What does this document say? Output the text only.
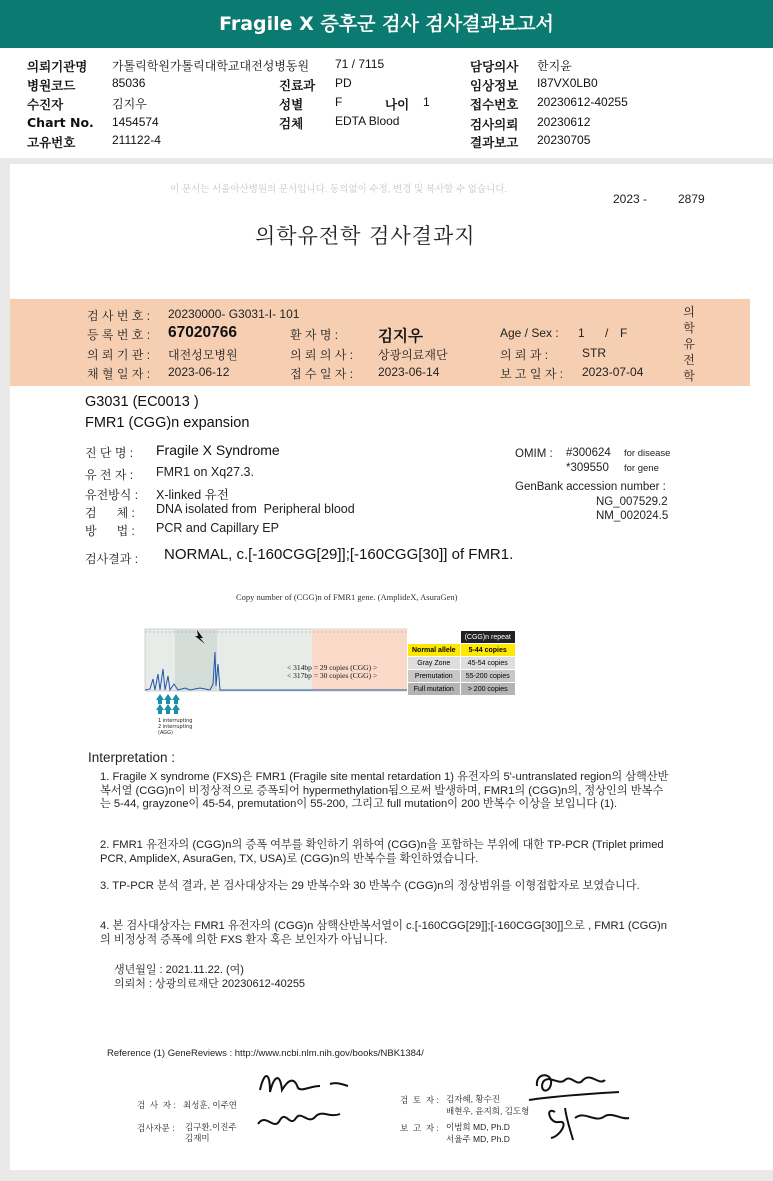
Fragile X 증후군 검사 검사결과보고서
의뢰기관명 가톨릭학원가톨릭대학교대전성병동원 71 / 7115	담당의사 한지윤
병원코드	85036	진료과 PD	임상정보 I87VX0LB0
수진자	김지우	성별	F	나이 1	접수번호 20230612-40255
Chart No. 1454574	검체	EDTA Blood	검사의뢰 20230612
고유번호	211122-4	결과보고 20230705
이 문서는 서울아산병원의 문서입니다. 동의없이 수정, 변경 및 복사할 수 없습니다.
2023 -	2879
의학유전학 검사결과지
의학유전학
검 사 번 호 : 20230000- G3031-I- 101
등 록 번 호 : 67020766	환 자 명 :	김지우	Age / Sex : 1 / F
의 뢰 기 관 : 대전성모병원	의 뢰 의 사 : 상광의료재단	의 뢰 과 :	STR
채 혈 일 자 : 2023-06-12	접 수 일 자 : 2023-06-14	보 고 일 자 : 2023-07-04
G3031 (EC0013 )
FMR1 (CGG)n expansion
진 단 명 : Fragile X Syndrome
유 전 자 : FMR1 on Xq27.3.
유전방식 : X-linked 유전
검      체 : DNA isolated from  Peripheral blood
방      법 : PCR and Capillary EP
OMIM : #300624 for disease
*309550 for gene
GenBank accession number :
NG_007529.2
NM_002024.5
검사결과 : NORMAL, c.[-160CGG[29]];[-160CGG[30]] of FMR1.
Copy number of (CGG)n of FMR1 gene. (AmplideX, AsuraGen)
< 314bp = 29 copies (CGG) >
< 317bp = 30 copies (CGG) >
1 interrupting
2 interrupting
(AGG)
	(CGG)n repeat
Normal allele	5-44 copies
Gray Zone	45-54 copies
Premutation	55-200 copies
Full mutation	> 200 copies
Interpretation :
1. Fragile X syndrome (FXS)은 FMR1 (Fragile site mental retardation 1) 유전자의 5'-untranslated region의 삼핵산반복서열 (CGG)n이 비정상적으로 증폭되어 hypermethylation됨으로써 발생하며, FMR1의 (CGG)n의, 정상인의 반복수는 5-44, grayzone이 45-54, premutation이 55-200, 그리고 full mutation이 200 반복수 이상을 보입니다 (1).
2. FMR1 유전자의 (CGG)n의 증폭 여부를 확인하기 위하여 (CGG)n을 포함하는 부위에 대한 TP-PCR (Triplet primed PCR, AmplideX, AsuraGen, TX, USA)로 (CGG)n의 반복수를 확인하였습니다.
3. TP-PCR 분석 결과, 본 검사대상자는 29 반복수와 30 반복수 (CGG)n의 정상범위를 이형접합자로 보였습니다.
4. 본 검사대상자는 FMR1 유전자의 (CGG)n 삼핵산반복서열이 c.[-160CGG[29]];[-160CGG[30]]으로 , FMR1 (CGG)n의 비정상적 증폭에 의한 FXS 환자 혹은 보인자가 아닙니다.
생년월일 : 2021.11.22. (여)
의뢰처 : 상광의료재단 20230612-40255
Reference (1) GeneReviews : http://www.ncbi.nlm.nih.gov/books/NBK1384/
검  사  자 : 최성훈, 이주연
검사자문 : 김구환,이진주
김재미
검  토  자 : 김자혜, 황수진
배현우, 윤지희, 김도형
보  고  자 : 이범희 MD, Ph.D
서율주 MD, Ph.D
